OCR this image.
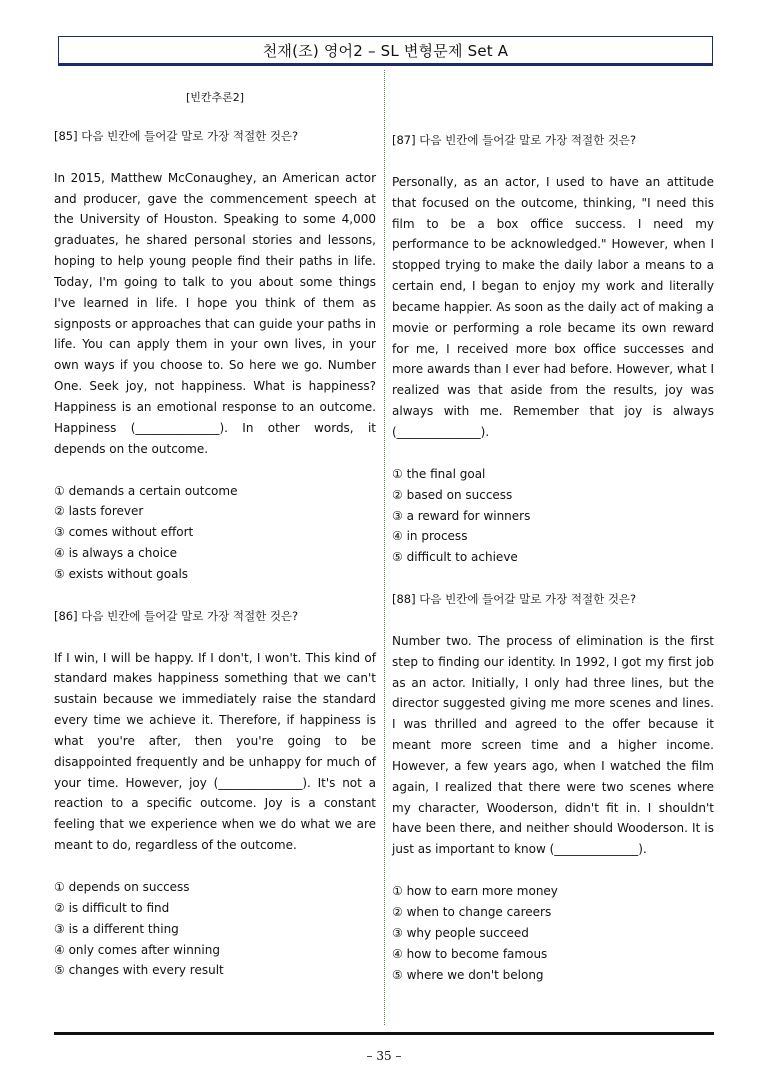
천재(조) 영어2 – SL 변형문제 Set A
[빈칸추론2]
[85] 다음 빈칸에 들어갈 말로 가장 적절한 것은?
In 2015, Matthew McConaughey, an American actor and producer, gave the commencement speech at the University of Houston. Speaking to some 4,000 graduates, he shared personal stories and lessons, hoping to help young people find their paths in life. Today, I'm going to talk to you about some things I've learned in life. I hope you think of them as signposts or approaches that can guide your paths in life. You can apply them in your own lives, in your own ways if you choose to. So here we go. Number One. Seek joy, not happiness. What is happiness? Happiness is an emotional response to an outcome. Happiness (______________). In other words, it depends on the outcome.
① demands a certain outcome
② lasts forever
③ comes without effort
④ is always a choice
⑤ exists without goals
[86] 다음 빈칸에 들어갈 말로 가장 적절한 것은?
If I win, I will be happy. If I don't, I won't. This kind of standard makes happiness something that we can't sustain because we immediately raise the standard every time we achieve it. Therefore, if happiness is what you're after, then you're going to be disappointed frequently and be unhappy for much of your time. However, joy (______________). It's not a reaction to a specific outcome. Joy is a constant feeling that we experience when we do what we are meant to do, regardless of the outcome.
① depends on success
② is difficult to find
③ is a different thing
④ only comes after winning
⑤ changes with every result
[87] 다음 빈칸에 들어갈 말로 가장 적절한 것은?
Personally, as an actor, I used to have an attitude that focused on the outcome, thinking, "I need this film to be a box office success. I need my performance to be acknowledged." However, when I stopped trying to make the daily labor a means to a certain end, I began to enjoy my work and literally became happier. As soon as the daily act of making a movie or performing a role became its own reward for me, I received more box office successes and more awards than I ever had before. However, what I realized was that aside from the results, joy was always with me. Remember that joy is always (______________).
① the final goal
② based on success
③ a reward for winners
④ in process
⑤ difficult to achieve
[88] 다음 빈칸에 들어갈 말로 가장 적절한 것은?
Number two. The process of elimination is the first step to finding our identity. In 1992, I got my first job as an actor. Initially, I only had three lines, but the director suggested giving me more scenes and lines. I was thrilled and agreed to the offer because it meant more screen time and a higher income. However, a few years ago, when I watched the film again, I realized that there were two scenes where my character, Wooderson, didn't fit in. I shouldn't have been there, and neither should Wooderson. It is just as important to know (______________).
① how to earn more money
② when to change careers
③ why people succeed
④ how to become famous
⑤ where we don't belong
– 35 –
